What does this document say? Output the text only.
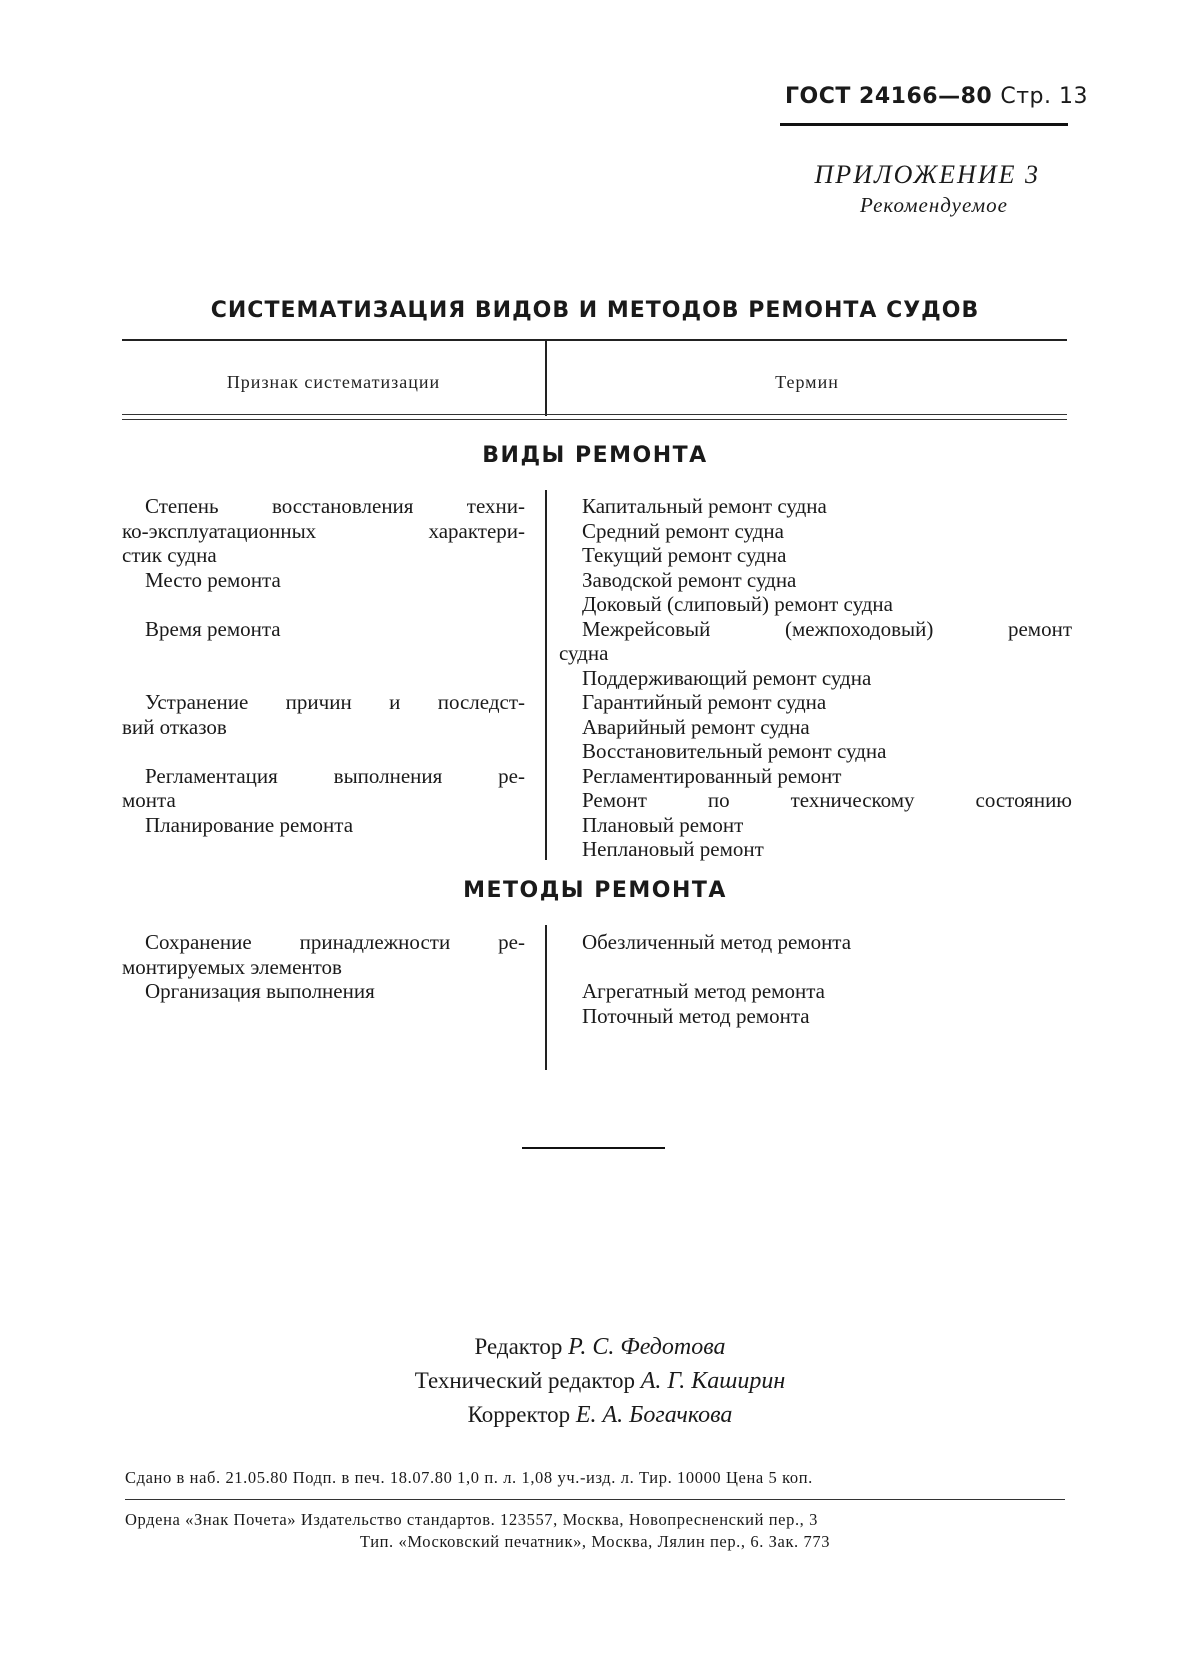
ГОСТ 24166—80 Стр. 13
ПРИЛОЖЕНИЕ 3
Рекомендуемое
СИСТЕМАТИЗАЦИЯ ВИДОВ И МЕТОДОВ РЕМОНТА СУДОВ
Признак систематизации	Термин
ВИДЫ РЕМОНТА
Степень восстановления техни-
ко-эксплуатационных характери-
стик судна
Место ремонта
Время ремонта
Устранение причин и последст-
вий отказов
Регламентация выполнения ре-
монта
Планирование ремонта
Капитальный ремонт судна
Средний ремонт судна
Текущий ремонт судна
Заводской ремонт судна
Доковый (слиповый) ремонт судна
Межрейсовый (межпоходовый) ремонт
судна
Поддерживающий ремонт судна
Гарантийный ремонт судна
Аварийный ремонт судна
Восстановительный ремонт судна
Регламентированный ремонт
Ремонт по техническому состоянию
Плановый ремонт
Неплановый ремонт
МЕТОДЫ РЕМОНТА
Сохранение принадлежности ре-
монтируемых элементов
Организация выполнения
Обезличенный метод ремонта
Агрегатный метод ремонта
Поточный метод ремонта
Редактор Р. С. Федотова
Технический редактор А. Г. Каширин
Корректор Е. А. Богачкова
Сдано в наб. 21.05.80 Подп. в печ. 18.07.80 1,0 п. л. 1,08 уч.-изд. л. Тир. 10000 Цена 5 коп.
Ордена «Знак Почета» Издательство стандартов. 123557, Москва, Новопресненский пер., 3
Тип. «Московский печатник», Москва, Лялин пер., 6. Зак. 773
